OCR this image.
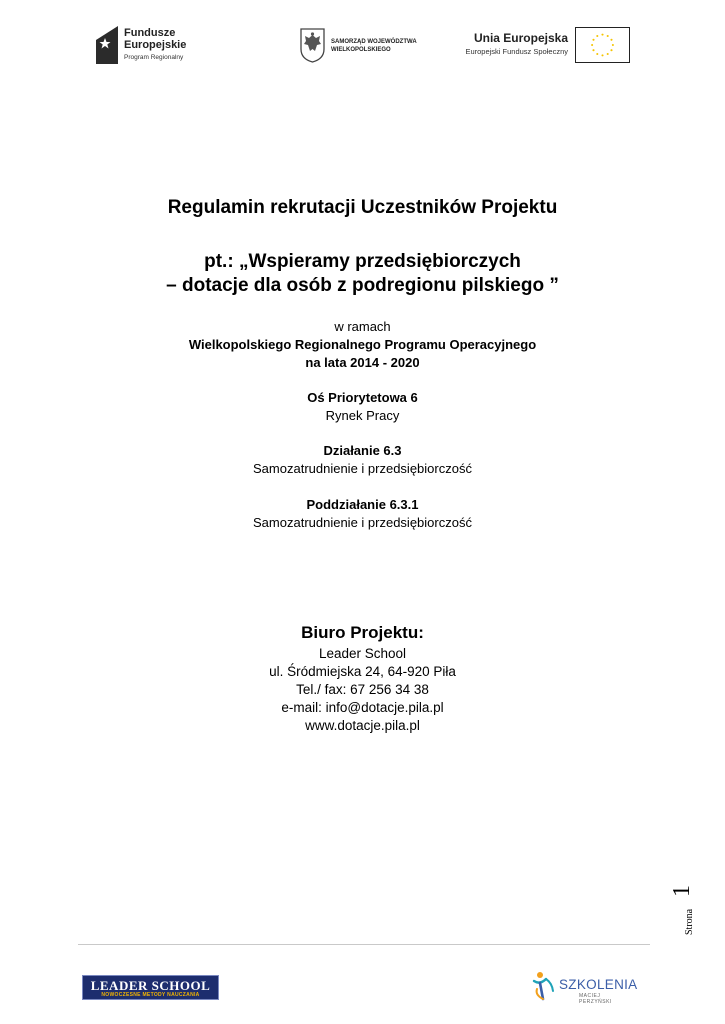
Fundusze
Europejskie
Program Regionalny
SAMORZĄD WOJEWÓDZTWA
WIELKOPOLSKIEGO
Unia Europejska
Europejski Fundusz Społeczny
Regulamin rekrutacji Uczestników Projektu
pt.: „Wspieramy przedsiębiorczych
– dotacje dla osób z podregionu pilskiego ”
w ramach
Wielkopolskiego Regionalnego Programu Operacyjnego
na lata 2014 - 2020
Oś Priorytetowa 6
Rynek Pracy
Działanie 6.3
Samozatrudnienie i przedsiębiorczość
Poddziałanie 6.3.1
Samozatrudnienie i przedsiębiorczość
Biuro Projektu:
Leader School
ul. Śródmiejska 24, 64-920 Piła
Tel./ fax: 67 256 34 38
e-mail: info@dotacje.pila.pl
www.dotacje.pila.pl
Strona
1
LEADER SCHOOL
NOWOCZESNE METODY NAUCZANIA
SZKOLENIA
MACIEJ PERZYŃSKI
